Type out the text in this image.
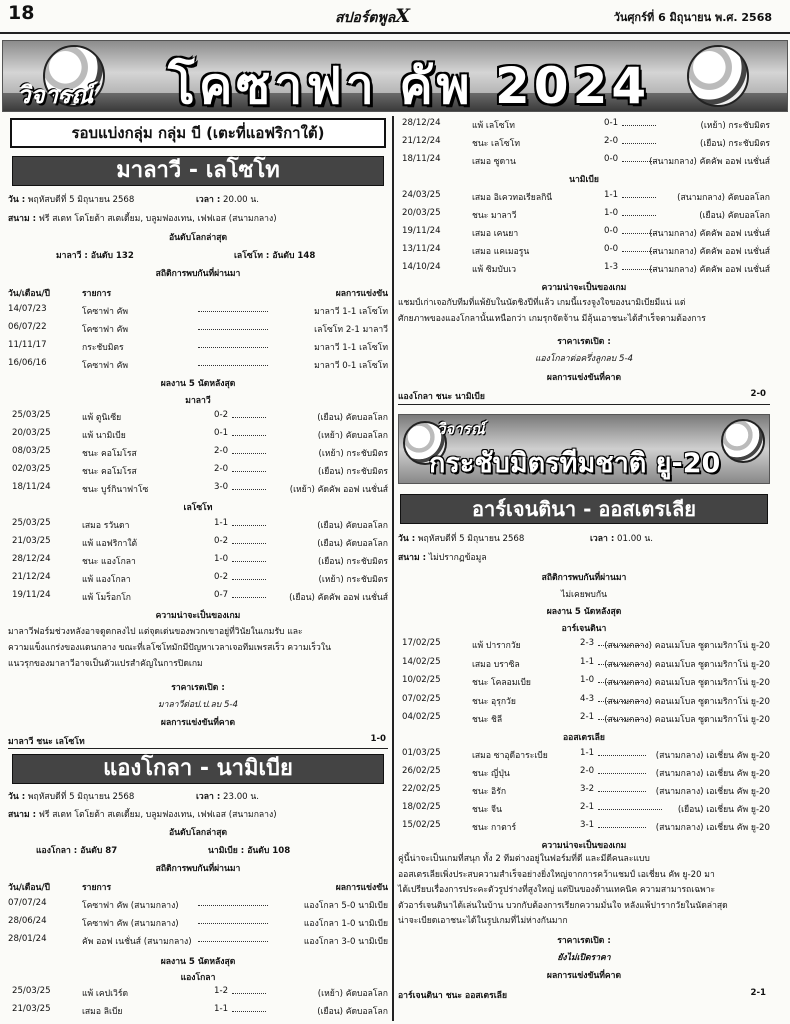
18	สปอร์ตพูลX	วันศุกร์ที่ 6 มิถุนายน พ.ศ. 2568
วิจารณ์ โคซาฟา คัพ 2024
รอบแบ่งกลุ่ม กลุ่ม บี (เตะที่แอฟริกาใต้)
มาลาวี - เลโซโท
วัน : พฤหัสบดีที่ 5 มิถุนายน 2568	เวลา : 20.00 น.
สนาม : ฟรี สเตท โตโยต้า สเตเดี้ยม, บลูมฟองเทน, เฟฟเอส (สนามกลาง)
อันดับโลกล่าสุด
มาลาวี : อันดับ 132	เลโซโท : อันดับ 148
สถิติการพบกันที่ผ่านมา
วัน/เดือน/ปี	รายการ	ผลการแข่งขัน
14/07/23	โคซาฟา คัพ	มาลาวี 1-1 เลโซโท
06/07/22	โคซาฟา คัพ	เลโซโท 2-1 มาลาวี
11/11/17	กระชับมิตร	มาลาวี 1-1 เลโซโท
16/06/16	โคซาฟา คัพ	มาลาวี 0-1 เลโซโท
ผลงาน 5 นัดหลังสุด
มาลาวี
25/03/25	แพ้ ตูนิเซีย	0-2	(เยือน) คัดบอลโลก
20/03/25	แพ้ นามิเบีย	0-1	(เหย้า) คัดบอลโลก
08/03/25	ชนะ คอโมโรส	2-0	(เหย้า) กระชับมิตร
02/03/25	ชนะ คอโมโรส	2-0	(เยือน) กระชับมิตร
18/11/24	ชนะ บูร์กินาฟาโซ	3-0	(เหย้า) คัดคัพ ออฟ เนชั่นส์
เลโซโท
25/03/25	เสมอ รวันดา	1-1	(เยือน) คัดบอลโลก
21/03/25	แพ้ แอฟริกาใต้	0-2	(เยือน) คัดบอลโลก
28/12/24	ชนะ แองโกลา	1-0	(เยือน) กระชับมิตร
21/12/24	แพ้ แองโกลา	0-2	(เหย้า) กระชับมิตร
19/11/24	แพ้ โมร็อกโก	0-7	(เยือน) คัดคัพ ออฟ เนชั่นส์
ความน่าจะเป็นของเกม
มาลาวีฟอร์มช่วงหลังอาจดูตกลงไป แต่จุดเด่นของพวกเขาอยู่ที่วินัยในเกมรับ และ
ความแข็งแกร่งของแดนกลาง ขณะที่เลโซโทมักมีปัญหาเวลาเจอทีมเพรสเร็ว ความเร็วใน
แนวรุกของมาลาวีอาจเป็นตัวแปรสำคัญในการปิดเกม
ราคาเรตเปิด :
มาลาวีต่อป.ป.ลบ 5-4
ผลการแข่งขันที่คาด
มาลาวี ชนะ เลโซโท	1-0
แองโกลา - นามิเบีย
วัน : พฤหัสบดีที่ 5 มิถุนายน 2568	เวลา : 23.00 น.
สนาม : ฟรี สเตท โตโยต้า สเตเดี้ยม, บลูมฟองเทน, เฟฟเอส (สนามกลาง)
อันดับโลกล่าสุด
แองโกลา : อันดับ 87	นามิเบีย : อันดับ 108
สถิติการพบกันที่ผ่านมา
วัน/เดือน/ปี	รายการ	ผลการแข่งขัน
07/07/24	โคซาฟา คัพ (สนามกลาง)	แองโกลา 5-0 นามิเบีย
28/06/24	โคซาฟา คัพ (สนามกลาง)	แองโกลา 1-0 นามิเบีย
28/01/24	คัพ ออฟ เนชั่นส์ (สนามกลาง)	แองโกลา 3-0 นามิเบีย
ผลงาน 5 นัดหลังสุด
แองโกลา
25/03/25	แพ้ เคปเวิร์ด	1-2	(เหย้า) คัดบอลโลก
21/03/25	เสมอ ลิเบีย	1-1	(เยือน) คัดบอลโลก
28/12/24	แพ้ เลโซโท	0-1	(เหย้า) กระชับมิตร
21/12/24	ชนะ เลโซโท	2-0	(เยือน) กระชับมิตร
18/11/24	เสมอ ซูดาน	0-0	(สนามกลาง) คัดคัพ ออฟ เนชั่นส์
นามิเบีย
24/03/25	เสมอ อิเควทอเรียลกินี	1-1	(สนามกลาง) คัดบอลโลก
20/03/25	ชนะ มาลาวี	1-0	(เยือน) คัดบอลโลก
19/11/24	เสมอ เคนยา	0-0	(สนามกลาง) คัดคัพ ออฟ เนชั่นส์
13/11/24	เสมอ แคเมอรูน	0-0	(สนามกลาง) คัดคัพ ออฟ เนชั่นส์
14/10/24	แพ้ ซิมบับเว	1-3	(สนามกลาง) คัดคัพ ออฟ เนชั่นส์
ความน่าจะเป็นของเกม
แชมป์เก่าเจอกับทีมที่แพ้ยับในนัดชิงปีที่แล้ว เกมนี้แรงจูงใจของนามิเบียมีแน่ แต่
ศักยภาพของแองโกลานั้นเหนือกว่า เกมรุกจัดจ้าน มีลุ้นเอาชนะได้สำเร็จตามต้องการ
ราคาเรตเปิด :
แองโกลาต่อครึ่งลูกลบ 5-4
ผลการแข่งขันที่คาด
แองโกลา ชนะ นามิเบีย	2-0
วิจารณ์
กระชับมิตรทีมชาติ ยู-20
อาร์เจนตินา - ออสเตรเลีย
วัน : พฤหัสบดีที่ 5 มิถุนายน 2568	เวลา : 01.00 น.
สนาม : ไม่ปรากฏข้อมูล
สถิติการพบกันที่ผ่านมา
ไม่เคยพบกัน
ผลงาน 5 นัดหลังสุด
อาร์เจนตินา
17/02/25	แพ้ ปารากวัย	2-3 (สนามกลาง) คอนเมโบล ซูดาเมริกาโน่ ยู-20
14/02/25	เสมอ บราซิล	1-1 (สนามกลาง) คอนเมโบล ซูดาเมริกาโน่ ยู-20
10/02/25	ชนะ โคลอมเบีย	1-0 (สนามกลาง) คอนเมโบล ซูดาเมริกาโน่ ยู-20
07/02/25	ชนะ อุรุกวัย	4-3 (สนามกลาง) คอนเมโบล ซูดาเมริกาโน่ ยู-20
04/02/25	ชนะ ชิลี	2-1 (สนามกลาง) คอนเมโบล ซูดาเมริกาโน่ ยู-20
ออสเตรเลีย
01/03/25	เสมอ ซาอุดีอาระเบีย	1-1	(สนามกลาง) เอเชี่ยน คัพ ยู-20
26/02/25	ชนะ ญี่ปุ่น	2-0	(สนามกลาง) เอเชี่ยน คัพ ยู-20
22/02/25	ชนะ อิรัก	3-2	(สนามกลาง) เอเชี่ยน คัพ ยู-20
18/02/25	ชนะ จีน	2-1	(เยือน) เอเชี่ยน คัพ ยู-20
15/02/25	ชนะ กาตาร์	3-1	(สนามกลาง) เอเชี่ยน คัพ ยู-20
ความน่าจะเป็นของเกม
คู่นี้น่าจะเป็นเกมที่สนุก ทั้ง 2 ทีมต่างอยู่ในฟอร์มที่ดี และมีดีคนละแบบ
ออสเตรเลียเพิ่งประสบความสำเร็จอย่างยิ่งใหญ่จากการคว้าแชมป์ เอเชี่ยน คัพ ยู-20 มา
ได้เปรียบเรื่องการประคะตัวรูปร่างที่สูงใหญ่ แต่ปินของต้านเทคนิค ความสามารถเฉพาะ
ตัวอาร์เจนตินาได้เล่นในบ้าน บวกกับต้องการเรียกความมั่นใจ หลังแพ้ปารากวัยในนัดล่าสุด
น่าจะเบียดเอาชนะได้ในรูปเกมที่ไม่ห่างกันมาก
ราคาเรตเปิด :
ยังไม่เปิดราคา
ผลการแข่งขันที่คาด
อาร์เจนตินา ชนะ ออสเตรเลีย	2-1
